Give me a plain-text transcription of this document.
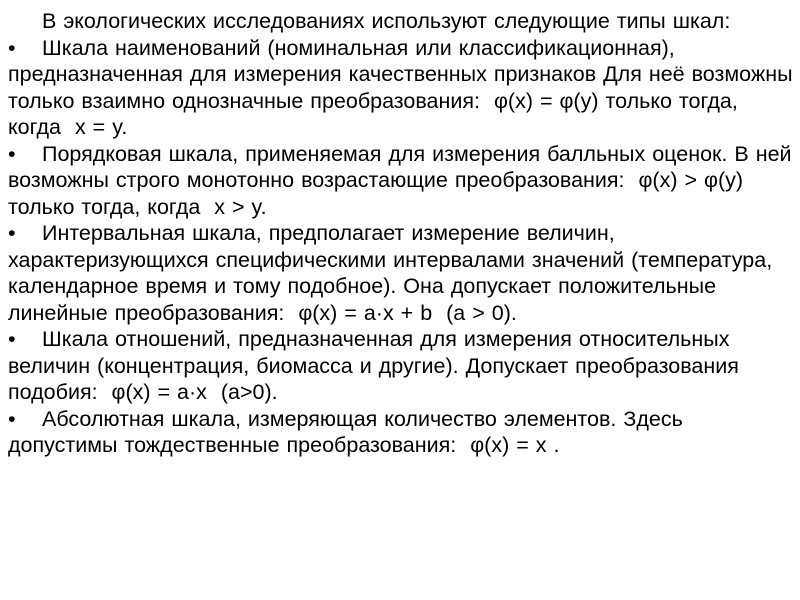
В экологических исследованиях используют следующие типы шкал:

• Шкала наименований (номинальная или классификационная), предназначенная для измерения качественных признаков Для неё возможны только взаимно однозначные преобразования: φ(x) = φ(y) только тогда, когда x = y.

• Порядковая шкала, применяемая для измерения балльных оценок. В ней возможны строго монотонно возрастающие преобразования: φ(x) > φ(y)  только тогда, когда x > y.

• Интервальная шкала, предполагает измерение величин, характеризующихся специфическими интервалами значений (температура, календарное время и тому подобное). Она допускает положительные линейные преобразования: φ(x) = a·x + b (a > 0).

• Шкала отношений, предназначенная для измерения относительных величин (концентрация, биомасса и другие). Допускает преобразования подобия: φ(x) = a·x (a>0).

• Абсолютная шкала, измеряющая количество элементов. Здесь допустимы тождественные преобразования: φ(x) = x .
